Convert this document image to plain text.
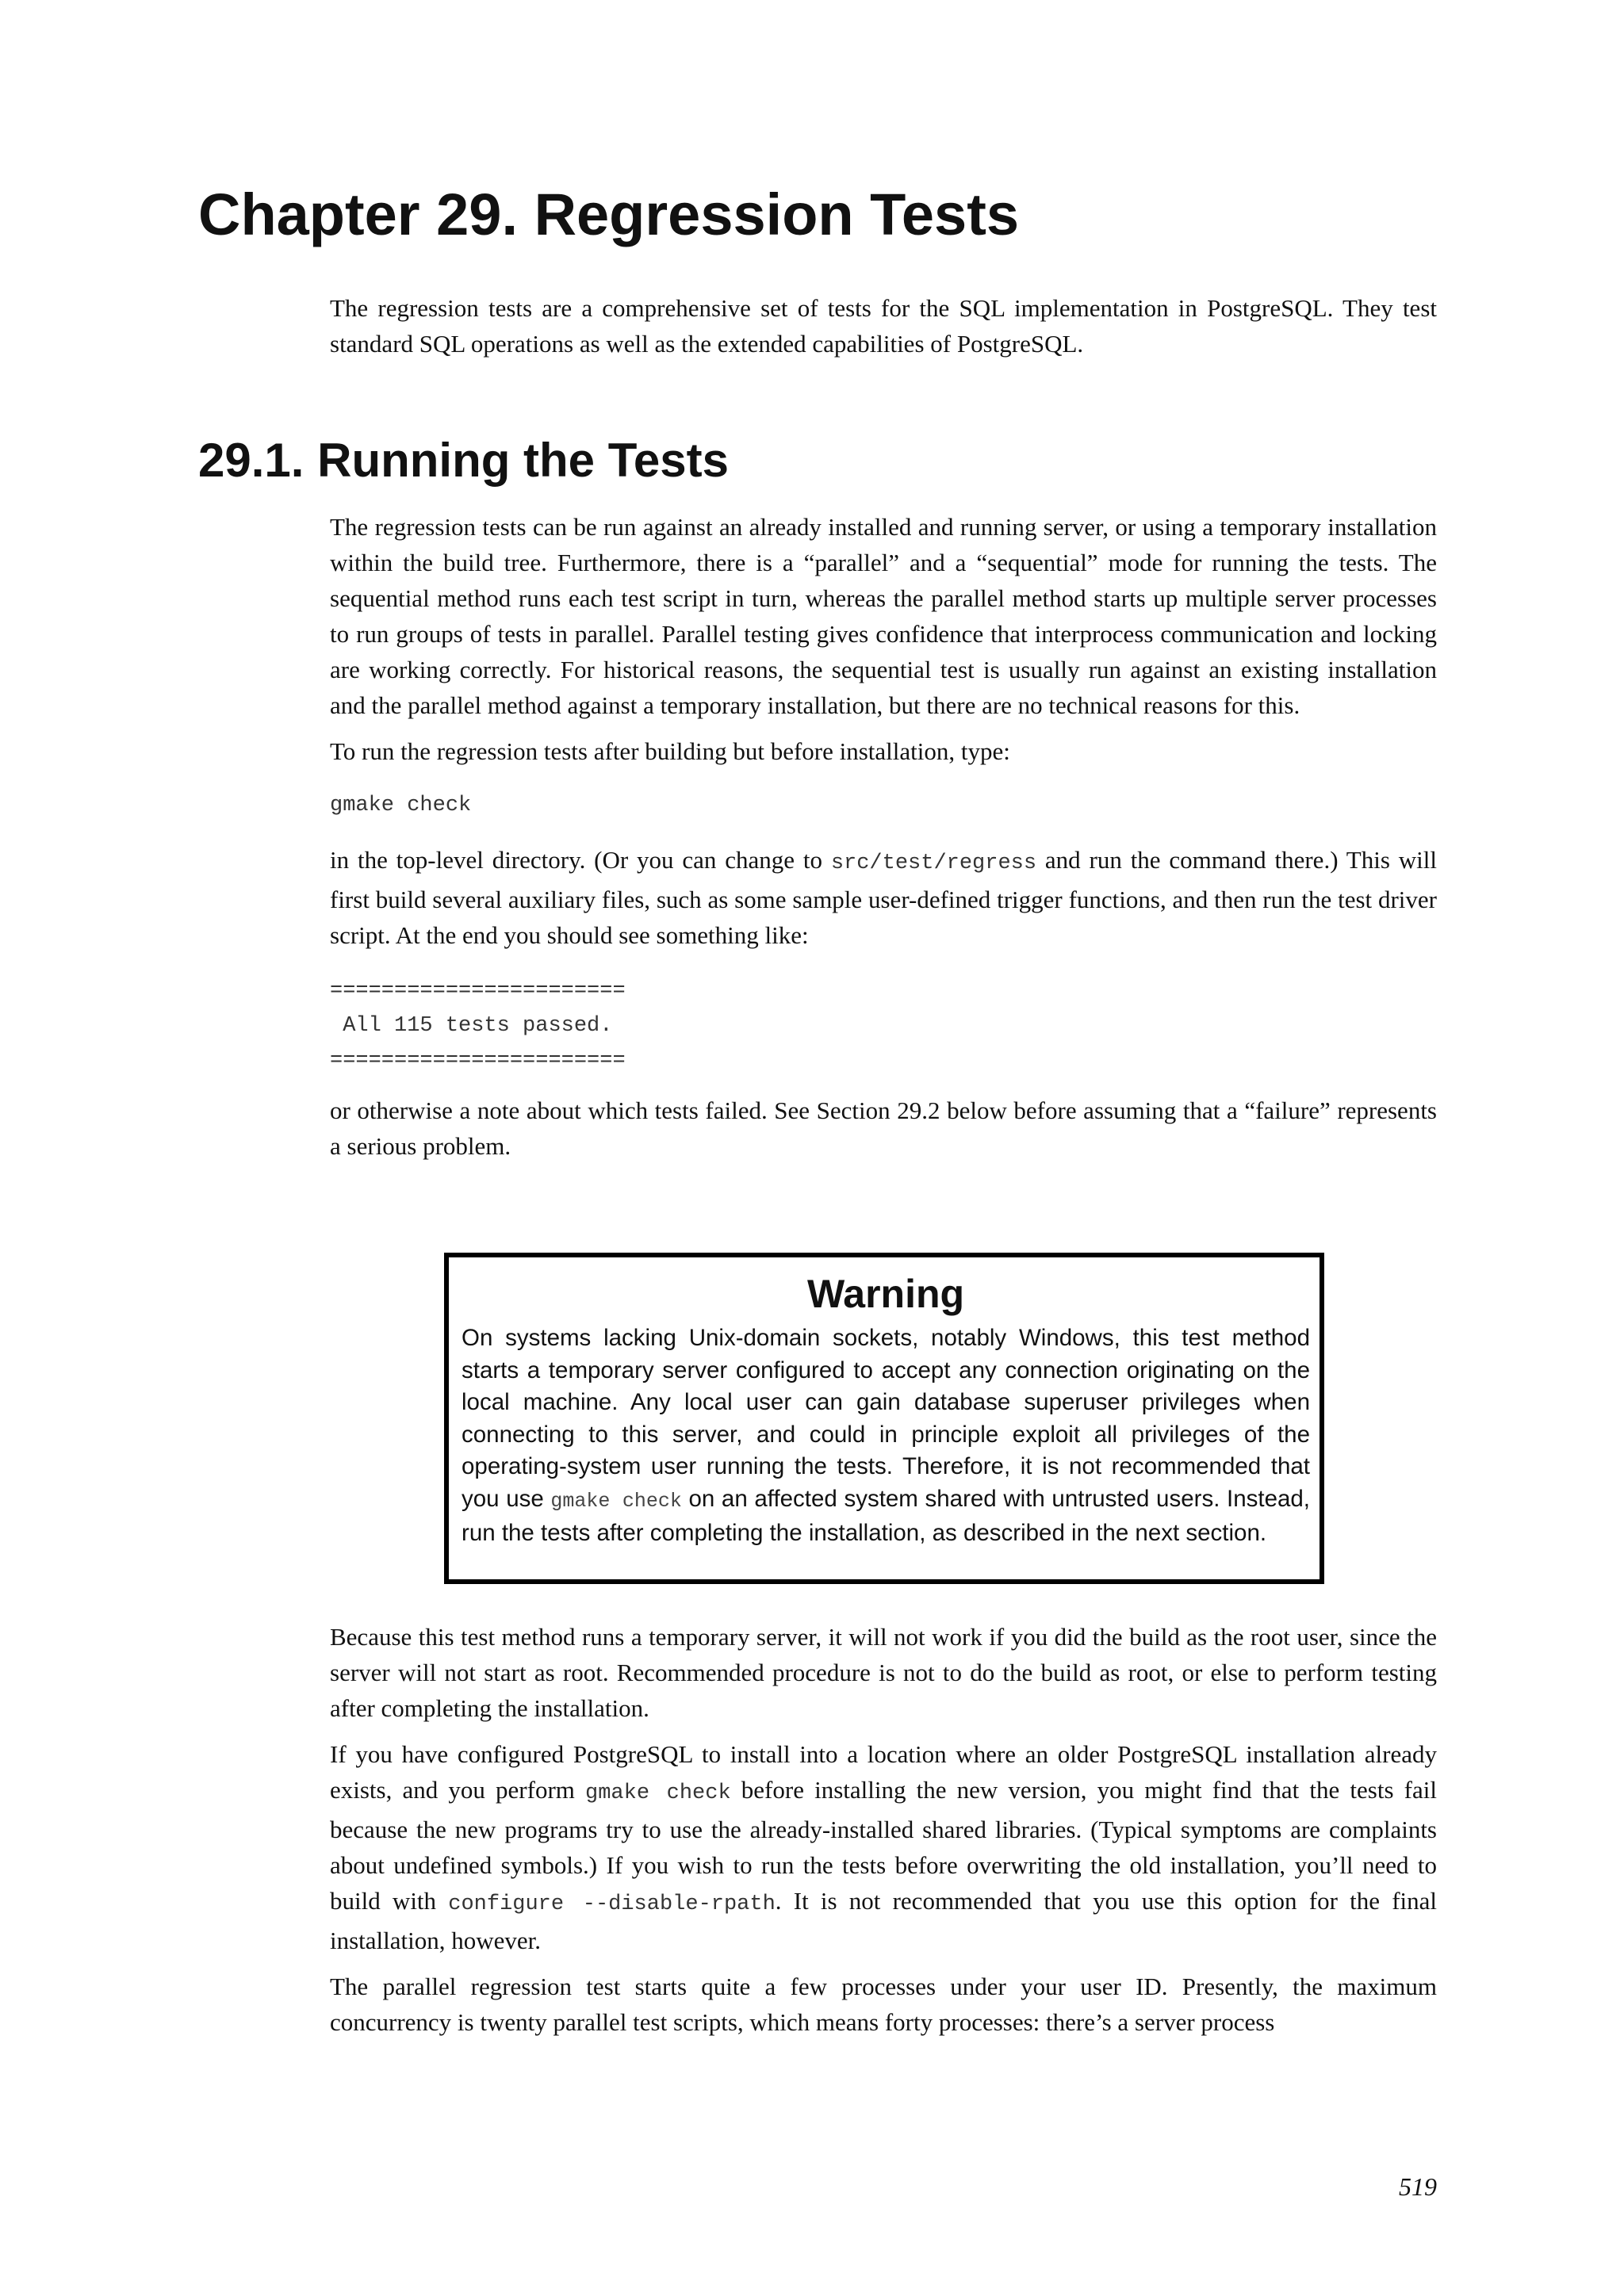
Chapter 29. Regression Tests

The regression tests are a comprehensive set of tests for the SQL implementation in PostgreSQL. They test standard SQL operations as well as the extended capabilities of PostgreSQL.

29.1. Running the Tests

The regression tests can be run against an already installed and running server, or using a temporary installation within the build tree. Furthermore, there is a “parallel” and a “sequential” mode for running the tests. The sequential method runs each test script in turn, whereas the parallel method starts up multiple server processes to run groups of tests in parallel. Parallel testing gives confidence that interprocess communication and locking are working correctly. For historical reasons, the sequential test is usually run against an existing installation and the parallel method against a temporary installation, but there are no technical reasons for this.

To run the regression tests after building but before installation, type:

gmake check

in the top-level directory. (Or you can change to src/test/regress and run the command there.) This will first build several auxiliary files, such as some sample user-defined trigger functions, and then run the test driver script. At the end you should see something like:

=======================
All 115 tests passed.
=======================

or otherwise a note about which tests failed. See Section 29.2 below before assuming that a “failure” represents a serious problem.

Warning

On systems lacking Unix-domain sockets, notably Windows, this test method starts a temporary server configured to accept any connection originating on the local machine. Any local user can gain database superuser privileges when connecting to this server, and could in principle exploit all privileges of the operating-system user running the tests. Therefore, it is not recommended that you use gmake check on an affected system shared with untrusted users. Instead, run the tests after completing the installation, as described in the next section.

Because this test method runs a temporary server, it will not work if you did the build as the root user, since the server will not start as root. Recommended procedure is not to do the build as root, or else to perform testing after completing the installation.

If you have configured PostgreSQL to install into a location where an older PostgreSQL installation already exists, and you perform gmake check before installing the new version, you might find that the tests fail because the new programs try to use the already-installed shared libraries. (Typical symptoms are complaints about undefined symbols.) If you wish to run the tests before overwriting the old installation, you’ll need to build with configure --disable-rpath. It is not recommended that you use this option for the final installation, however.

The parallel regression test starts quite a few processes under your user ID. Presently, the maximum concurrency is twenty parallel test scripts, which means forty processes: there’s a server process

519
